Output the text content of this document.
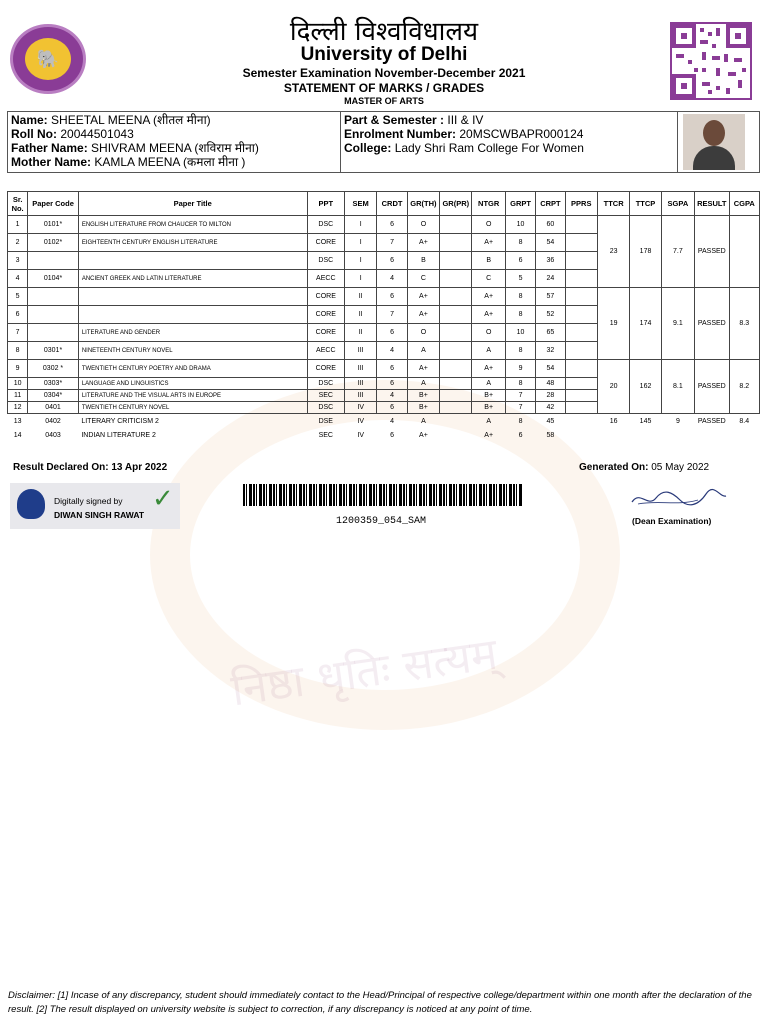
निष्ठा धृतिः सत्यम्
🐘
दिल्ली विश्वविधालय
University of Delhi
Semester Examination November-December 2021
STATEMENT OF MARKS / GRADES
MASTER OF ARTS
Name: SHEETAL MEENA (शीतल मीना)
Roll No: 20044501043
Father Name: SHIVRAM MEENA (शविराम मीना)
Mother Name: KAMLA MEENA (कमला मीना )
Part & Semester : III & IV
Enrolment Number: 20MSCWBAPR000124
College: Lady Shri Ram College For Women
Sr. No.	Paper Code	Paper Title	PPT	SEM	CRDT	GR(TH)	GR(PR)	NTGR	GRPT	CRPT	PPRS	TTCR	TTCP	SGPA	RESULT	CGPA
1	0101*	ENGLISH LITERATURE FROM CHAUCER TO MILTON	DSC	I	6	O		O	10	60		23	178	7.7	PASSED	
2	0102*	EIGHTEENTH CENTURY ENGLISH LITERATURE	CORE	I	7	A+		A+	8	54						
3			DSC	I	6	B		B	6	36						
4	0104*	ANCIENT GREEK AND LATIN LITERATURE	AECC	I	4	C		C	5	24						
5			CORE	II	6	A+		A+	8	57		19	174	9.1	PASSED	8.3
6			CORE	II	7	A+		A+	8	52						
7		LITERATURE AND GENDER	CORE	II	6	O		O	10	65						
8	0301*	NINETEENTH CENTURY NOVEL	AECC	III	4	A		A	8	32						
9	0302 *	TWENTIETH CENTURY POETRY AND DRAMA	CORE	III	6	A+		A+	9	54		20	162	8.1	PASSED	8.2
10	0303*	LANGUAGE AND LINGUISTICS	DSC	III	6	A		A	8	48						
11	0304*	LITERATURE AND THE VISUAL ARTS IN EUROPE	SEC	III	4	B+		B+	7	28						
12	0401	TWENTIETH CENTURY NOVEL	DSC	IV	6	B+		B+	7	42						
13	0402	LITERARY CRITICISM 2	DSE	IV	4	A		A	8	45		16	145	9	PASSED	8.4
14	0403	INDIAN LITERATURE 2	SEC	IV	6	A+		A+	6	58						
Result Declared On: 13 Apr 2022	Generated On: 05 May 2022
Digitally signed by
DIWAN SINGH RAWAT
✓
1200359_054_SAM	(Dean Examination)
Disclaimer: [1] Incase of any discrepancy, student should immediately contact to the Head/Principal of respective college/department within one month after the declaration of the result. [2] The result displayed on university website is subject to correction, if any discrepancy is noticed at any point of time.
